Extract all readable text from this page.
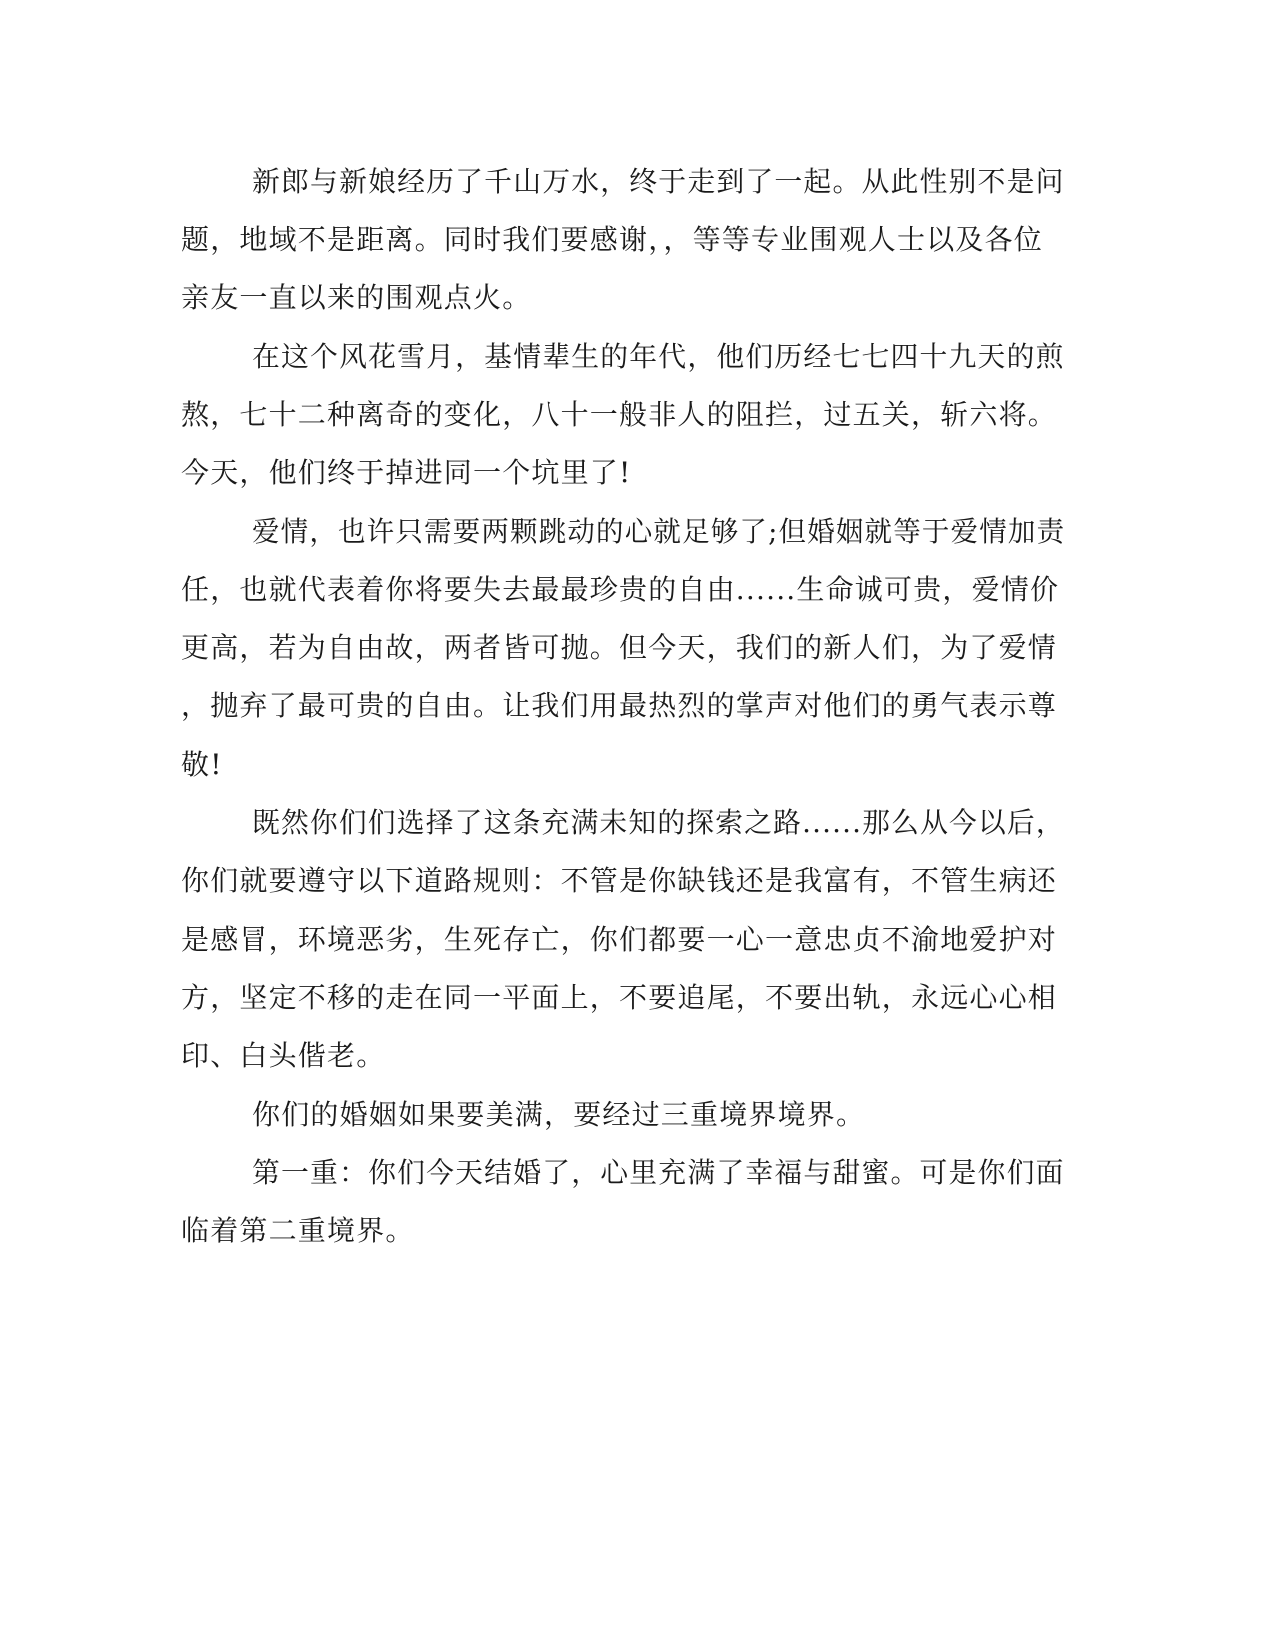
新郎与新娘经历了千山万水，终于走到了一起。从此性别不是问
题，地域不是距离。同时我们要感谢，，等等专业围观人士以及各位
亲友一直以来的围观点火。
在这个风花雪月，基情辈生的年代，他们历经七七四十九天的煎
熬，七十二种离奇的变化，八十一般非人的阻拦，过五关，斩六将。
今天，他们终于掉进同一个坑里了!
爱情，也许只需要两颗跳动的心就足够了;但婚姻就等于爱情加责
任，也就代表着你将要失去最最珍贵的自由......生命诚可贵，爱情价
更高，若为自由故，两者皆可抛。但今天，我们的新人们，为了爱情
，抛弃了最可贵的自由。让我们用最热烈的掌声对他们的勇气表示尊
敬!
既然你们们选择了这条充满未知的探索之路......那么从今以后，
你们就要遵守以下道路规则：不管是你缺钱还是我富有，不管生病还
是感冒，环境恶劣，生死存亡，你们都要一心一意忠贞不渝地爱护对
方，坚定不移的走在同一平面上，不要追尾，不要出轨，永远心心相
印、白头偕老。
你们的婚姻如果要美满，要经过三重境界境界。
第一重：你们今天结婚了，心里充满了幸福与甜蜜。可是你们面
临着第二重境界。
